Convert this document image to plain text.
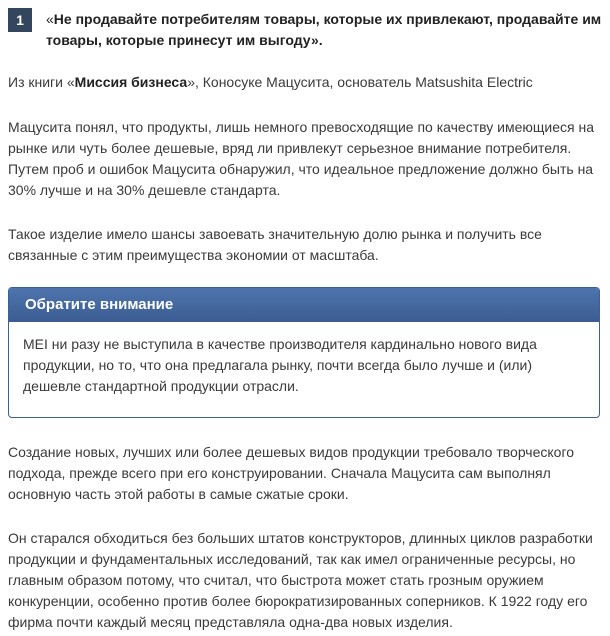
1	«Не продавайте потребителям товары, которые их привлекают, продавайте им товары, которые принесут им выгоду».

Из книги «Миссия бизнеса», Коносуке Мацусита, основатель Matsushita Electric

Мацусита понял, что продукты, лишь немного превосходящие по качеству имеющиеся на рынке или чуть более дешевые, вряд ли привлекут серьезное внимание потребителя. Путем проб и ошибок Мацусита обнаружил, что идеальное предложение должно быть на 30% лучше и на 30% дешевле стандарта.

Такое изделие имело шансы завоевать значительную долю рынка и получить все связанные с этим преимущества экономии от масштаба.

Обратите внимание
MEI ни разу не выступила в качестве производителя кардинально нового вида продукции, но то, что она предлагала рынку, почти всегда было лучше и (или) дешевле стандартной продукции отрасли.

Создание новых, лучших или более дешевых видов продукции требовало творческого подхода, прежде всего при его конструировании. Сначала Мацусита сам выполнял основную часть этой работы в самые сжатые сроки.

Он старался обходиться без больших штатов конструкторов, длинных циклов разработки продукции и фундаментальных исследований, так как имел ограниченные ресурсы, но главным образом потому, что считал, что быстрота может стать грозным оружием конкуренции, особенно против более бюрократизированных соперников. К 1922 году его фирма почти каждый месяц представляла одна-два новых изделия.
